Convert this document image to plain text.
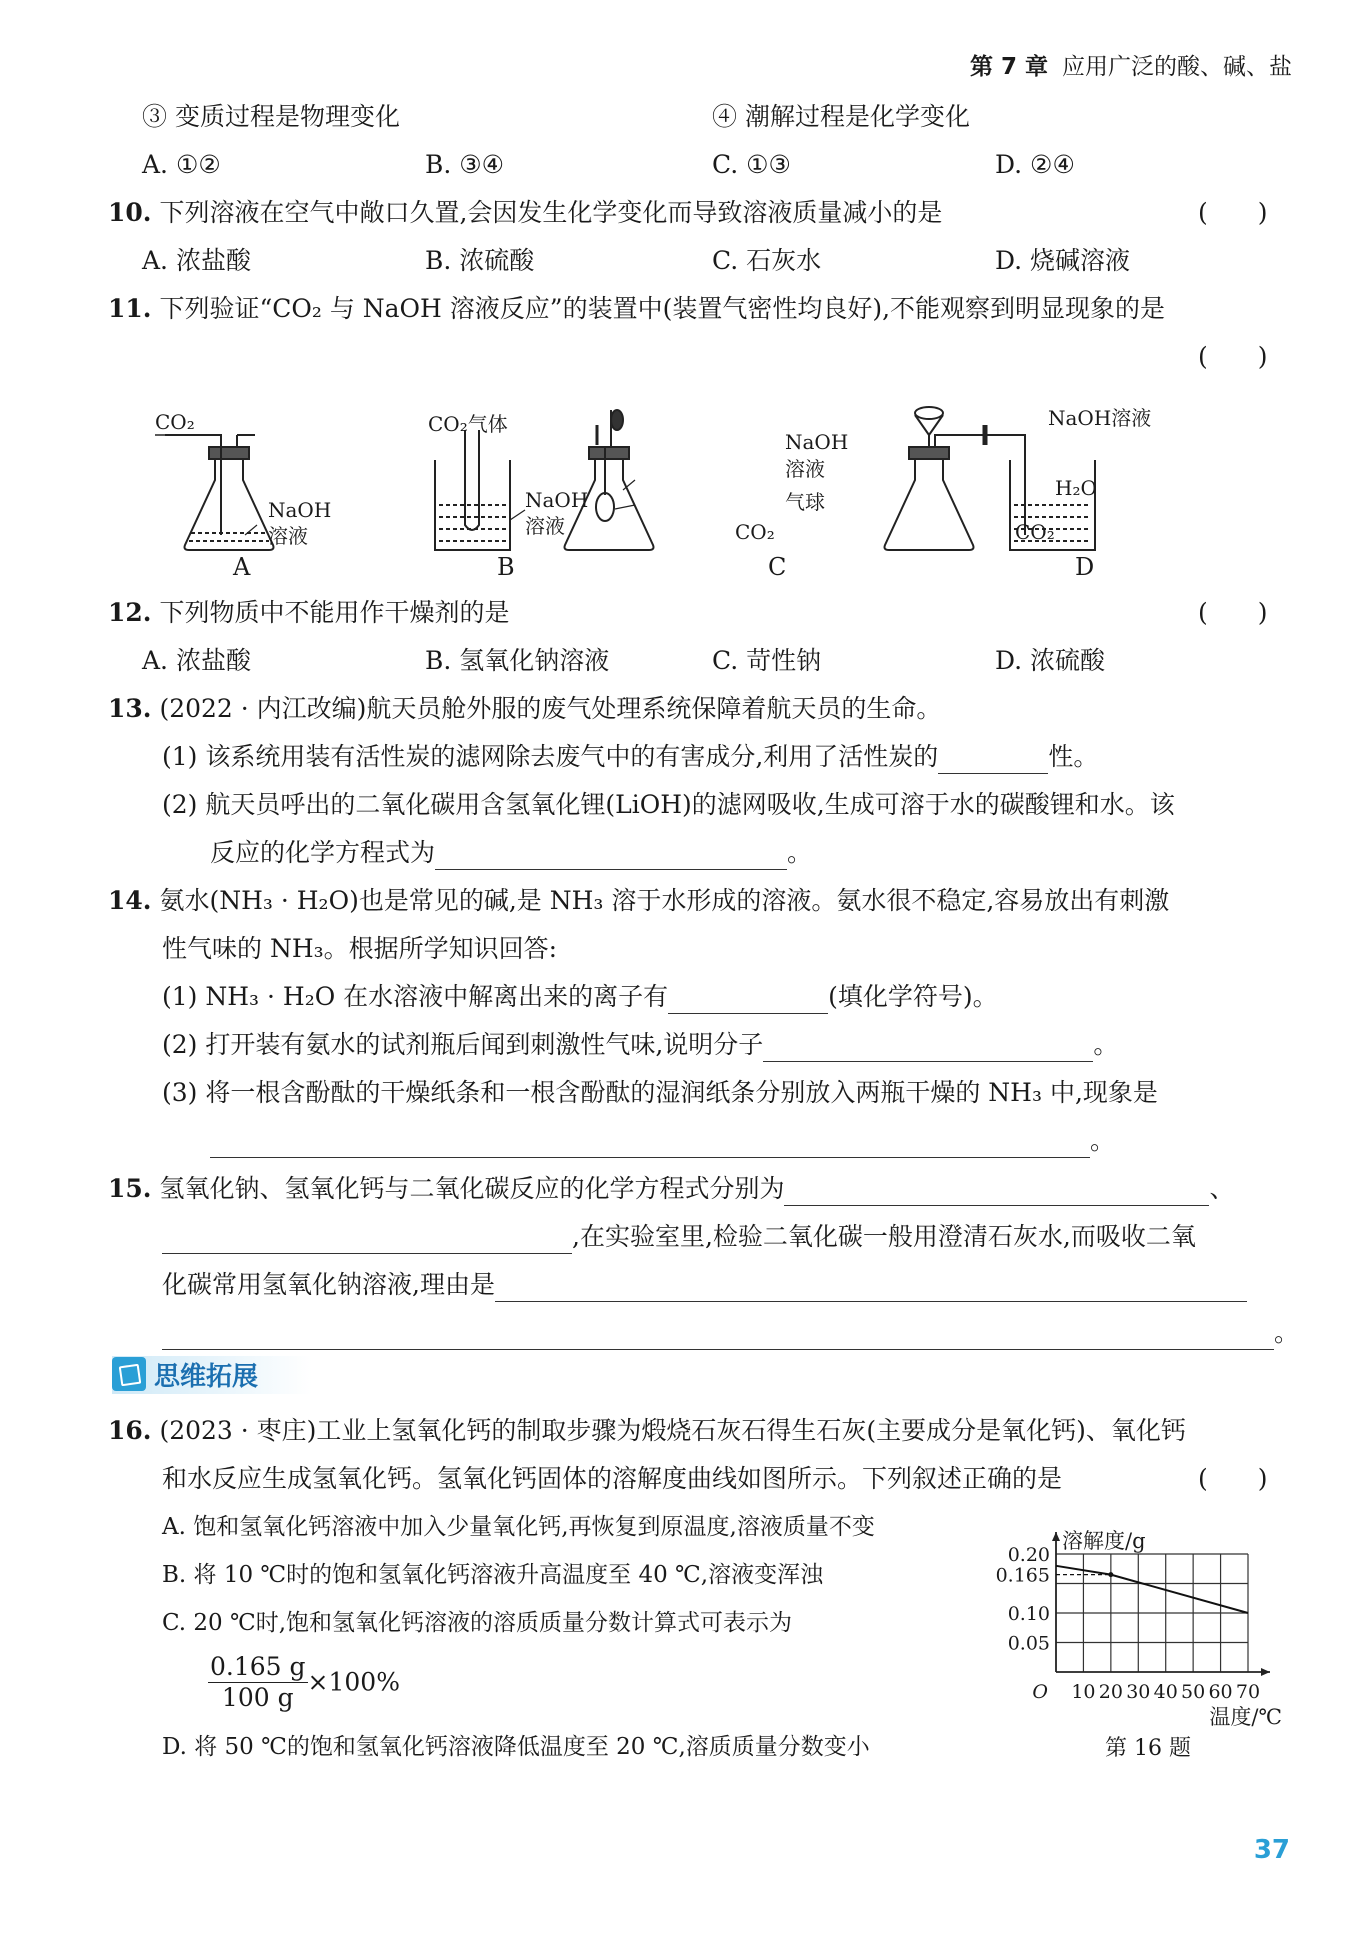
第 7 章 应用广泛的酸、碱、盐
③ 变质过程是物理变化	④ 潮解过程是化学变化
A. ①②	B. ③④	C. ①③	D. ②④
10. 下列溶液在空气中敞口久置,会因发生化学变化而导致溶液质量减小的是	(　　)
A. 浓盐酸	B. 浓硫酸	C. 石灰水	D. 烧碱溶液
11. 下列验证“CO₂ 与 NaOH 溶液反应”的装置中(装置气密性均良好),不能观察到明显现象的是
(　　)
CO₂
NaOH
溶液
A
CO₂气体
NaOH
溶液
B
NaOH
溶液
气球
CO₂
C
NaOH溶液
H₂O
CO₂
D
12. 下列物质中不能用作干燥剂的是	(　　)
A. 浓盐酸	B. 氢氧化钠溶液	C. 苛性钠	D. 浓硫酸
13. (2022 · 内江改编)航天员舱外服的废气处理系统保障着航天员的生命。
(1) 该系统用装有活性炭的滤网除去废气中的有害成分,利用了活性炭的	性。
(2) 航天员呼出的二氧化碳用含氢氧化锂(LiOH)的滤网吸收,生成可溶于水的碳酸锂和水。该
反应的化学方程式为	。
14. 氨水(NH₃ · H₂O)也是常见的碱,是 NH₃ 溶于水形成的溶液。氨水很不稳定,容易放出有刺激
性气味的 NH₃。根据所学知识回答:
(1) NH₃ · H₂O 在水溶液中解离出来的离子有	(填化学符号)。
(2) 打开装有氨水的试剂瓶后闻到刺激性气味,说明分子	。
(3) 将一根含酚酞的干燥纸条和一根含酚酞的湿润纸条分别放入两瓶干燥的 NH₃ 中,现象是
。
15. 氢氧化钠、氢氧化钙与二氧化碳反应的化学方程式分别为	、
,在实验室里,检验二氧化碳一般用澄清石灰水,而吸收二氧
化碳常用氢氧化钠溶液,理由是
。
思维拓展
16. (2023 · 枣庄)工业上氢氧化钙的制取步骤为煅烧石灰石得生石灰(主要成分是氧化钙)、氧化钙
和水反应生成氢氧化钙。氢氧化钙固体的溶解度曲线如图所示。下列叙述正确的是	(　　)
A. 饱和氢氧化钙溶液中加入少量氧化钙,再恢复到原温度,溶液质量不变
B. 将 10 ℃时的饱和氢氧化钙溶液升高温度至 40 ℃,溶液变浑浊
C. 20 ℃时,饱和氢氧化钙溶液的溶质质量分数计算式可表示为
$\frac{0.165 g}{100 g} \times 100\%$
D. 将 50 ℃的饱和氢氧化钙溶液降低温度至 20 ℃,溶质质量分数变小
10 20 30 40 50 60 70
0.20
0.165
0.10
0.05
O
溶解度/g
温度/℃
第 16 题
37
